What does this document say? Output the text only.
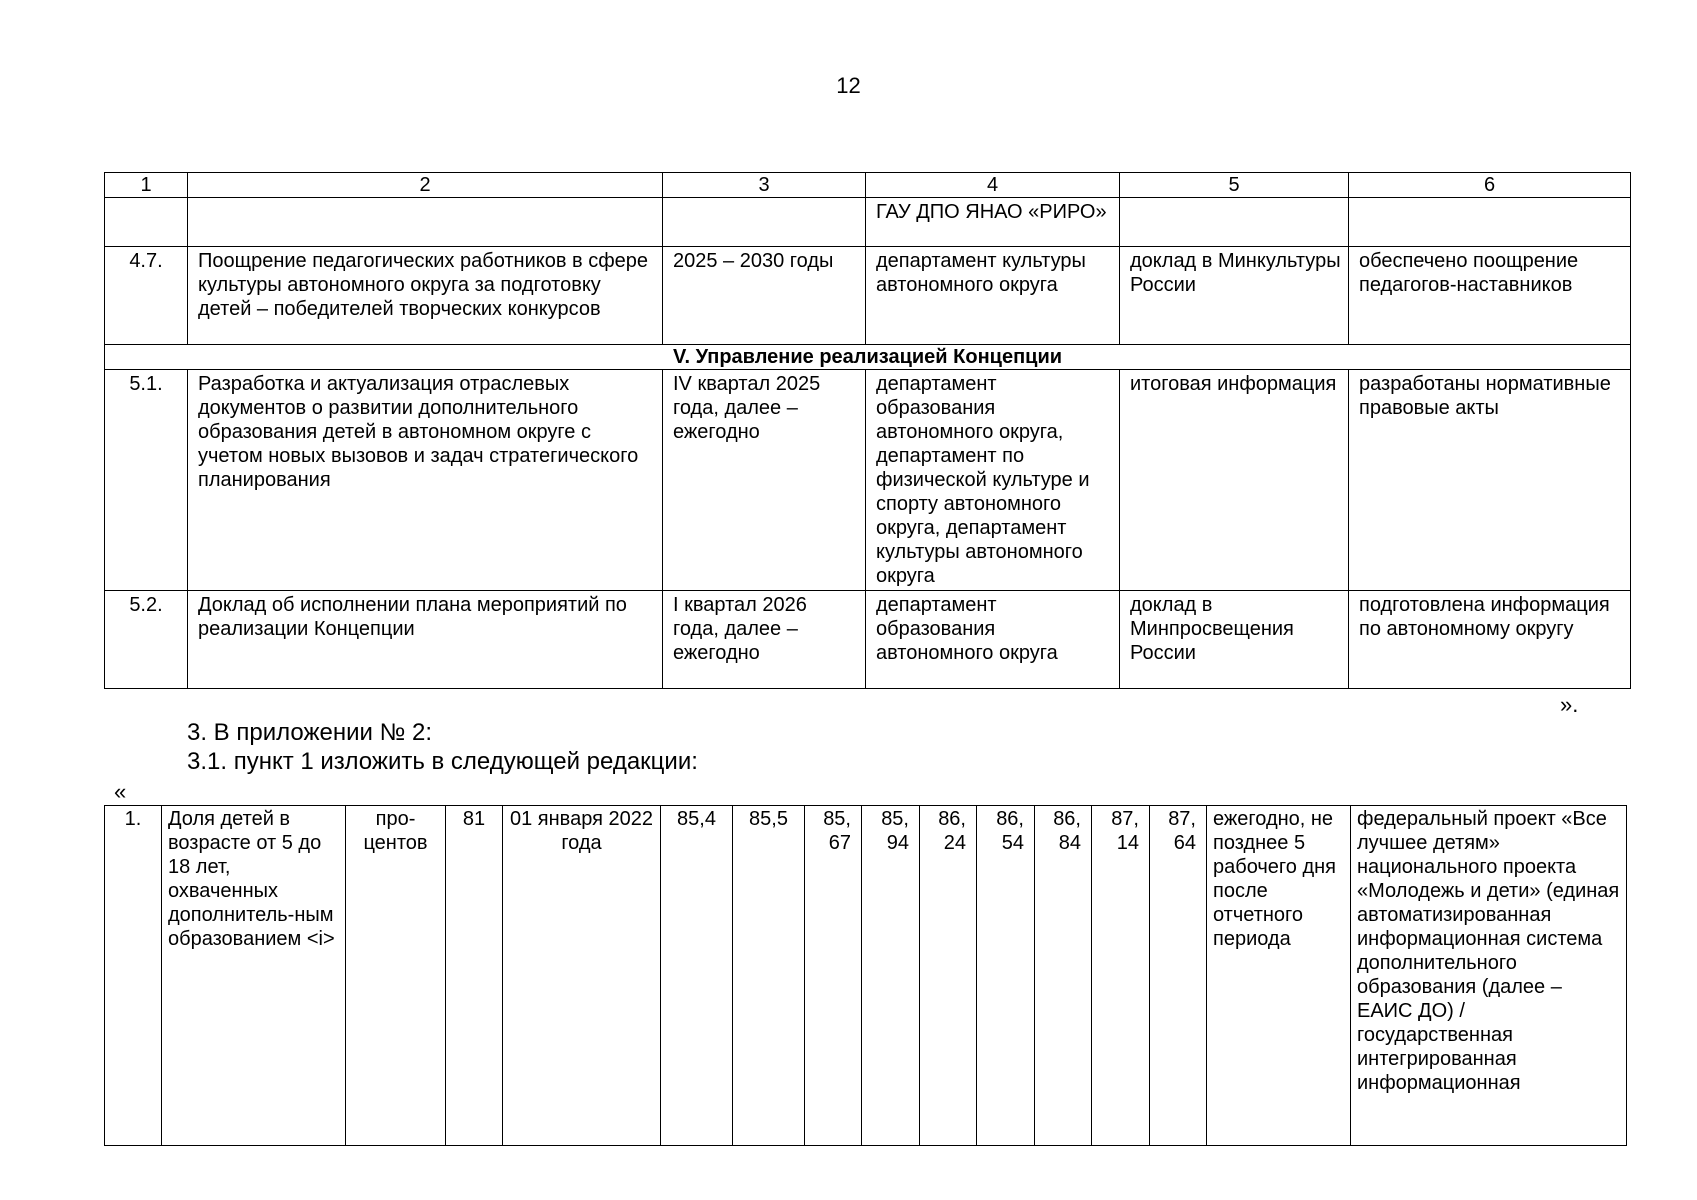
12
1	2	3	4	5	6
			ГАУ ДПО ЯНАО «РИРО»		
4.7.	Поощрение педагогических работников в сфере культуры автономного округа за подготовку детей – победителей творческих конкурсов	2025 – 2030 годы	департамент культуры автономного округа	доклад в Минкультуры России	обеспечено поощрение педагогов-наставников
V. Управление реализацией Концепции					
5.1.	Разработка и актуализация отраслевых документов о развитии дополнительного образования детей в автономном округе с учетом новых вызовов и задач стратегического планирования	IV квартал 2025 года, далее – ежегодно	департамент образования автономного округа, департамент по физической культуре и спорту автономного округа, департамент культуры автономного округа	итоговая информация	разработаны нормативные правовые акты
5.2.	Доклад об исполнении плана мероприятий по реализации Концепции	I квартал 2026 года, далее – ежегодно	департамент образования автономного округа	доклад в Минпросвещения России	подготовлена информация по автономному округу
».
3. В приложении № 2:
3.1. пункт 1 изложить в следующей редакции:
«
1.	Доля детей в возрасте от 5 до 18 лет, охваченных дополнитель-ным образованием <i>	про-центов	81	01 января 2022 года	85,4	85,5	85, 67	85, 94	86, 24	86, 54	86, 84	87, 14	87, 64	ежегодно, не позднее 5 рабочего дня после отчетного периода	федеральный проект «Все лучшее детям» национального проекта «Молодежь и дети» (единая автоматизированная информационная система дополнительного образования (далее – ЕАИС ДО) / государственная интегрированная информационная
